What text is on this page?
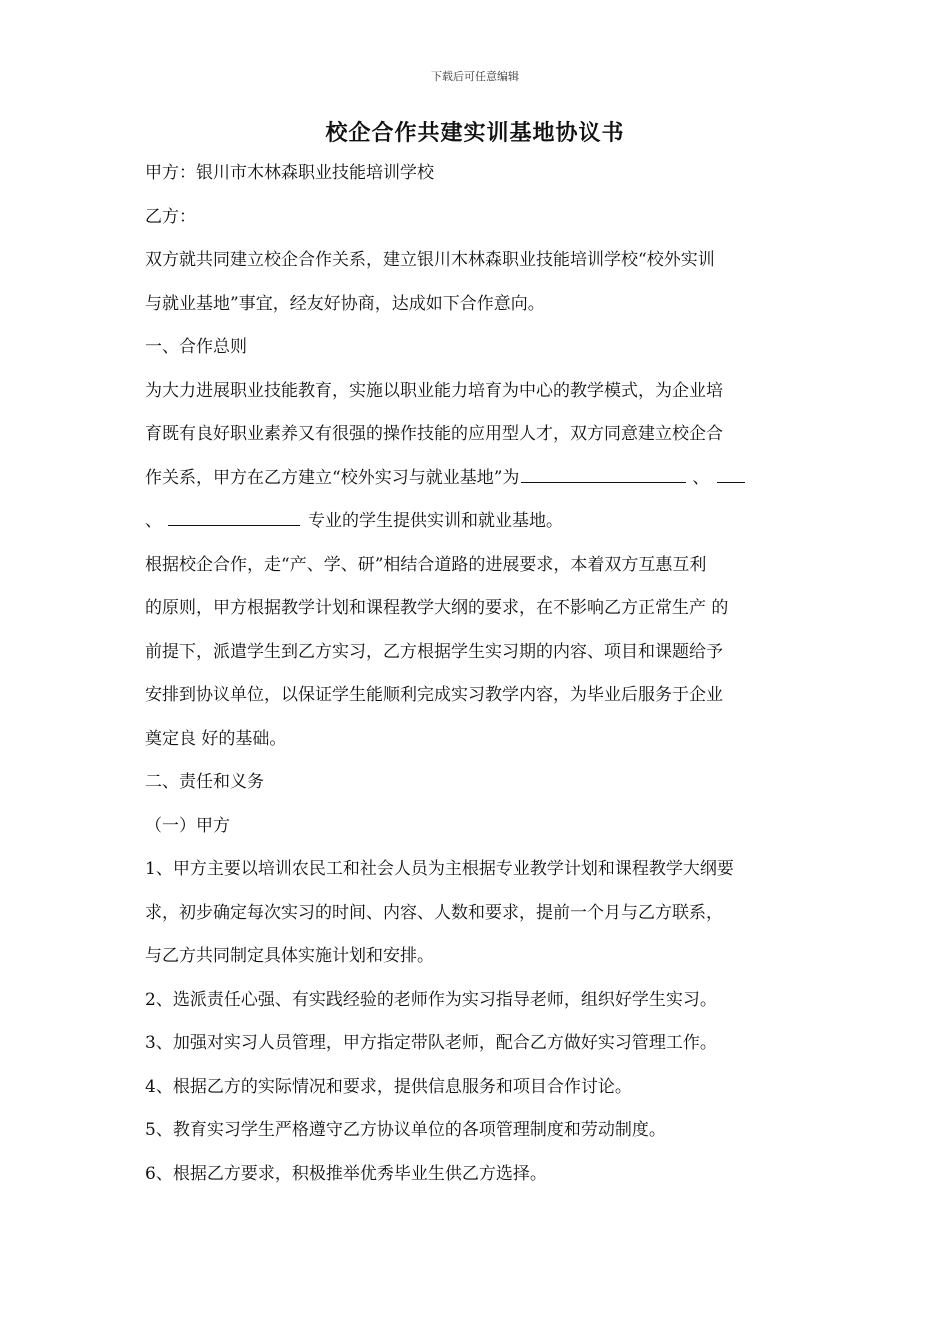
下载后可任意编辑
校企合作共建实训基地协议书
甲方：银川市木林森职业技能培训学校
乙方：
双方就共同建立校企合作关系，建立银川木林森职业技能培训学校“校外实训
与就业基地”事宜，经友好协商，达成如下合作意向。
一、合作总则
为大力进展职业技能教育，实施以职业能力培育为中心的教学模式，为企业培
育既有良好职业素养又有很强的操作技能的应用型人才，双方同意建立校企合
作关系，甲方在乙方建立“校外实习与就业基地”为	、
、	专业的学生提供实训和就业基地。
根据校企合作，走“产、学、研”相结合道路的进展要求，本着双方互惠互利
的原则，甲方根据教学计划和课程教学大纲的要求，在不影响乙方正常生产 的
前提下，派遣学生到乙方实习，乙方根据学生实习期的内容、项目和课题给予
安排到协议单位，以保证学生能顺利完成实习教学内容，为毕业后服务于企业
奠定良 好的基础。
二、责任和义务
（一）甲方
1、甲方主要以培训农民工和社会人员为主根据专业教学计划和课程教学大纲要
求，初步确定每次实习的时间、内容、人数和要求，提前一个月与乙方联系，
与乙方共同制定具体实施计划和安排。
2、选派责任心强、有实践经验的老师作为实习指导老师，组织好学生实习。
3、加强对实习人员管理，甲方指定带队老师，配合乙方做好实习管理工作。
4、根据乙方的实际情况和要求，提供信息服务和项目合作讨论。
5、教育实习学生严格遵守乙方协议单位的各项管理制度和劳动制度。
6、根据乙方要求，积极推举优秀毕业生供乙方选择。
